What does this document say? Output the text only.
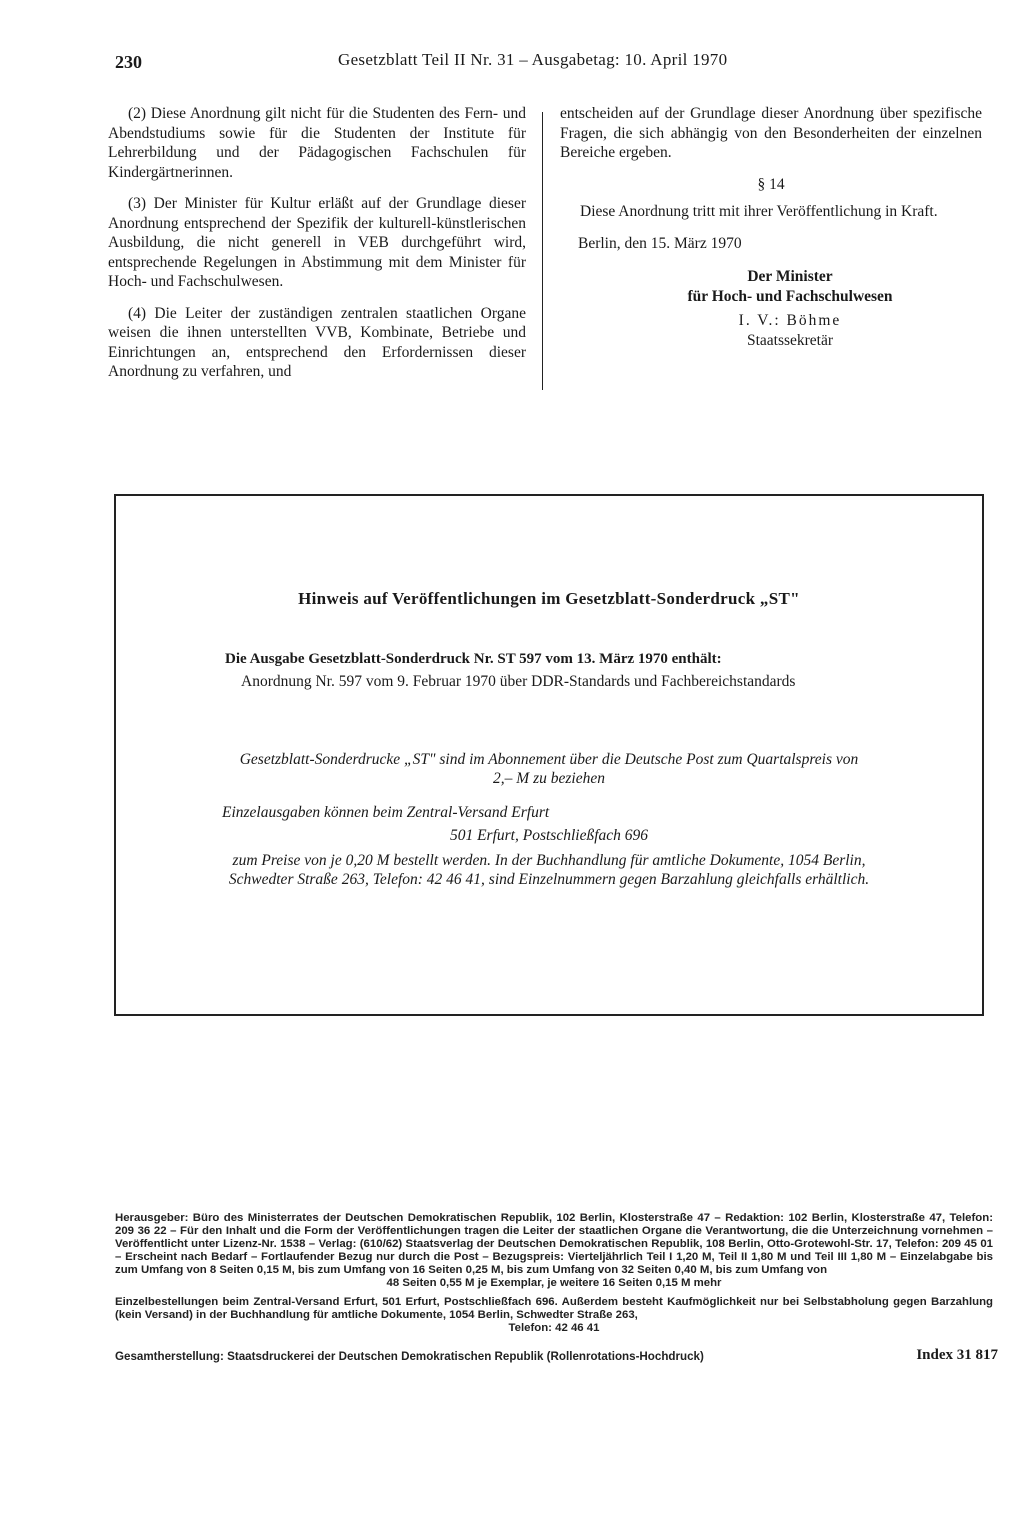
230	Gesetzblatt Teil II Nr. 31 – Ausgabetag: 10. April 1970

(2) Diese Anordnung gilt nicht für die Studenten des Fern- und Abendstudiums sowie für die Studenten der Institute für Lehrerbildung und der Pädagogischen Fachschulen für Kindergärtnerinnen.

(3) Der Minister für Kultur erläßt auf der Grundlage dieser Anordnung entsprechend der Spezifik der kulturell-künstlerischen Ausbildung, die nicht generell in VEB durchgeführt wird, entsprechende Regelungen in Abstimmung mit dem Minister für Hoch- und Fachschulwesen.

(4) Die Leiter der zuständigen zentralen staatlichen Organe weisen die ihnen unterstellten VVB, Kombinate, Betriebe und Einrichtungen an, entsprechend den Erfordernissen dieser Anordnung zu verfahren, und

entscheiden auf der Grundlage dieser Anordnung über spezifische Fragen, die sich abhängig von den Besonderheiten der einzelnen Bereiche ergeben.

§ 14

Diese Anordnung tritt mit ihrer Veröffentlichung in Kraft.

Berlin, den 15. März 1970
Der Minister
für Hoch- und Fachschulwesen
I. V.: Böhme
Staatssekretär
Hinweis auf Veröffentlichungen im Gesetzblatt-Sonderdruck „ST"
Die Ausgabe Gesetzblatt-Sonderdruck Nr. ST 597 vom 13. März 1970 enthält:
Anordnung Nr. 597 vom 9. Februar 1970 über DDR-Standards und Fachbereichstandards
Gesetzblatt-Sonderdrucke „ST" sind im Abonnement über die Deutsche Post zum Quartalspreis von 2,– M zu beziehen
Einzelausgaben können beim Zentral-Versand Erfurt
501 Erfurt, Postschließfach 696
zum Preise von je 0,20 M bestellt werden. In der Buchhandlung für amtliche Dokumente, 1054 Berlin, Schwedter Straße 263, Telefon: 42 46 41, sind Einzelnummern gegen Barzahlung gleichfalls erhältlich.

Herausgeber: Büro des Ministerrates der Deutschen Demokratischen Republik, 102 Berlin, Klosterstraße 47 – Redaktion: 102 Berlin, Klosterstraße 47, Telefon: 209 36 22 – Für den Inhalt und die Form der Veröffentlichungen tragen die Leiter der staatlichen Organe die Verantwortung, die die Unterzeichnung vornehmen – Veröffentlicht unter Lizenz-Nr. 1538 – Verlag: (610/62) Staatsverlag der Deutschen Demokratischen Republik, 108 Berlin, Otto-Grotewohl-Str. 17, Telefon: 209 45 01 – Erscheint nach Bedarf – Fortlaufender Bezug nur durch die Post – Bezugspreis: Vierteljährlich Teil I 1,20 M, Teil II 1,80 M und Teil III 1,80 M – Einzelabgabe bis zum Umfang von 8 Seiten 0,15 M, bis zum Umfang von 16 Seiten 0,25 M, bis zum Umfang von 32 Seiten 0,40 M, bis zum Umfang von

48 Seiten 0,55 M je Exemplar, je weitere 16 Seiten 0,15 M mehr

Einzelbestellungen beim Zentral-Versand Erfurt, 501 Erfurt, Postschließfach 696. Außerdem besteht Kaufmöglichkeit nur bei Selbstabholung gegen Barzahlung (kein Versand) in der Buchhandlung für amtliche Dokumente, 1054 Berlin, Schwedter Straße 263,

Telefon: 42 46 41

Gesamtherstellung: Staatsdruckerei der Deutschen Demokratischen Republik (Rollenrotations-Hochdruck)	Index 31 817
